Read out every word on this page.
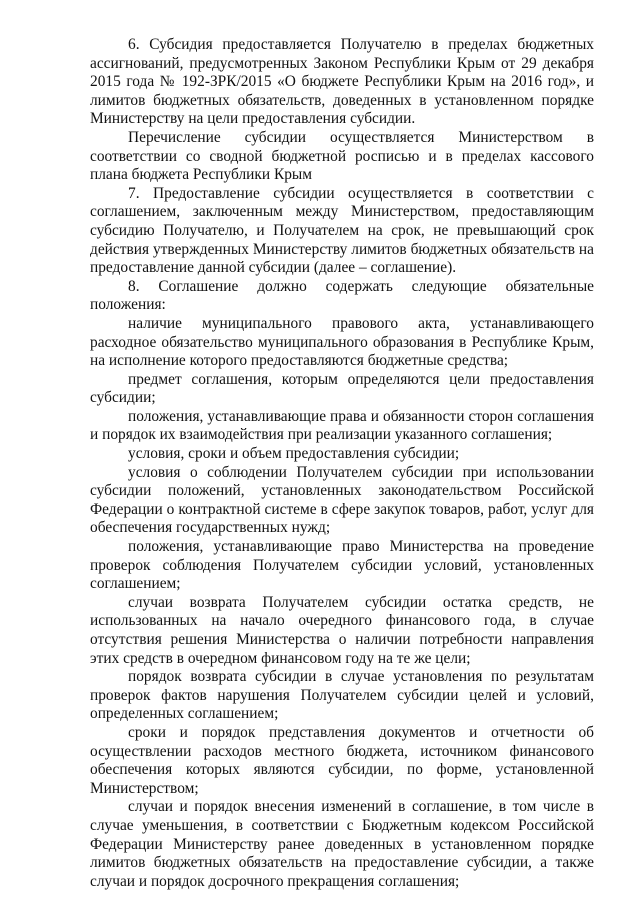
6. Субсидия предоставляется Получателю в пределах бюджетных ассигнований, предусмотренных Законом Республики Крым от 29 декабря 2015 года № 192-ЗРК/2015 «О бюджете Республики Крым на 2016 год», и лимитов бюджетных обязательств, доведенных в установленном порядке Министерству на цели предоставления субсидии.

Перечисление субсидии осуществляется Министерством в соответствии со сводной бюджетной росписью и в пределах кассового плана бюджета Республики Крым

7. Предоставление субсидии осуществляется в соответствии с соглашением, заключенным между Министерством, предоставляющим субсидию Получателю, и Получателем на срок, не превышающий срок действия утвержденных Министерству лимитов бюджетных обязательств на предоставление данной субсидии (далее – соглашение).

8. Соглашение должно содержать следующие обязательные положения:

наличие муниципального правового акта, устанавливающего расходное обязательство муниципального образования в Республике Крым, на исполнение которого предоставляются бюджетные средства;

предмет соглашения, которым определяются цели предоставления субсидии;

положения, устанавливающие права и обязанности сторон соглашения и порядок их взаимодействия при реализации указанного соглашения;

условия, сроки и объем предоставления субсидии;

условия о соблюдении Получателем субсидии при использовании субсидии положений, установленных законодательством Российской Федерации о контрактной системе в сфере закупок товаров, работ, услуг для обеспечения государственных нужд;

положения, устанавливающие право Министерства на проведение проверок соблюдения Получателем субсидии условий, установленных соглашением;

случаи возврата Получателем субсидии остатка средств, не использованных на начало очередного финансового года, в случае отсутствия решения Министерства о наличии потребности направления этих средств в очередном финансовом году на те же цели;

порядок возврата субсидии в случае установления по результатам проверок фактов нарушения Получателем субсидии целей и условий, определенных соглашением;

сроки и порядок представления документов и отчетности об осуществлении расходов местного бюджета, источником финансового обеспечения которых являются субсидии, по форме, установленной Министерством;

случаи и порядок внесения изменений в соглашение, в том числе в случае уменьшения, в соответствии с Бюджетным кодексом Российской Федерации Министерству ранее доведенных в установленном порядке лимитов бюджетных обязательств на предоставление субсидии, а также случаи и порядок досрочного прекращения соглашения;
